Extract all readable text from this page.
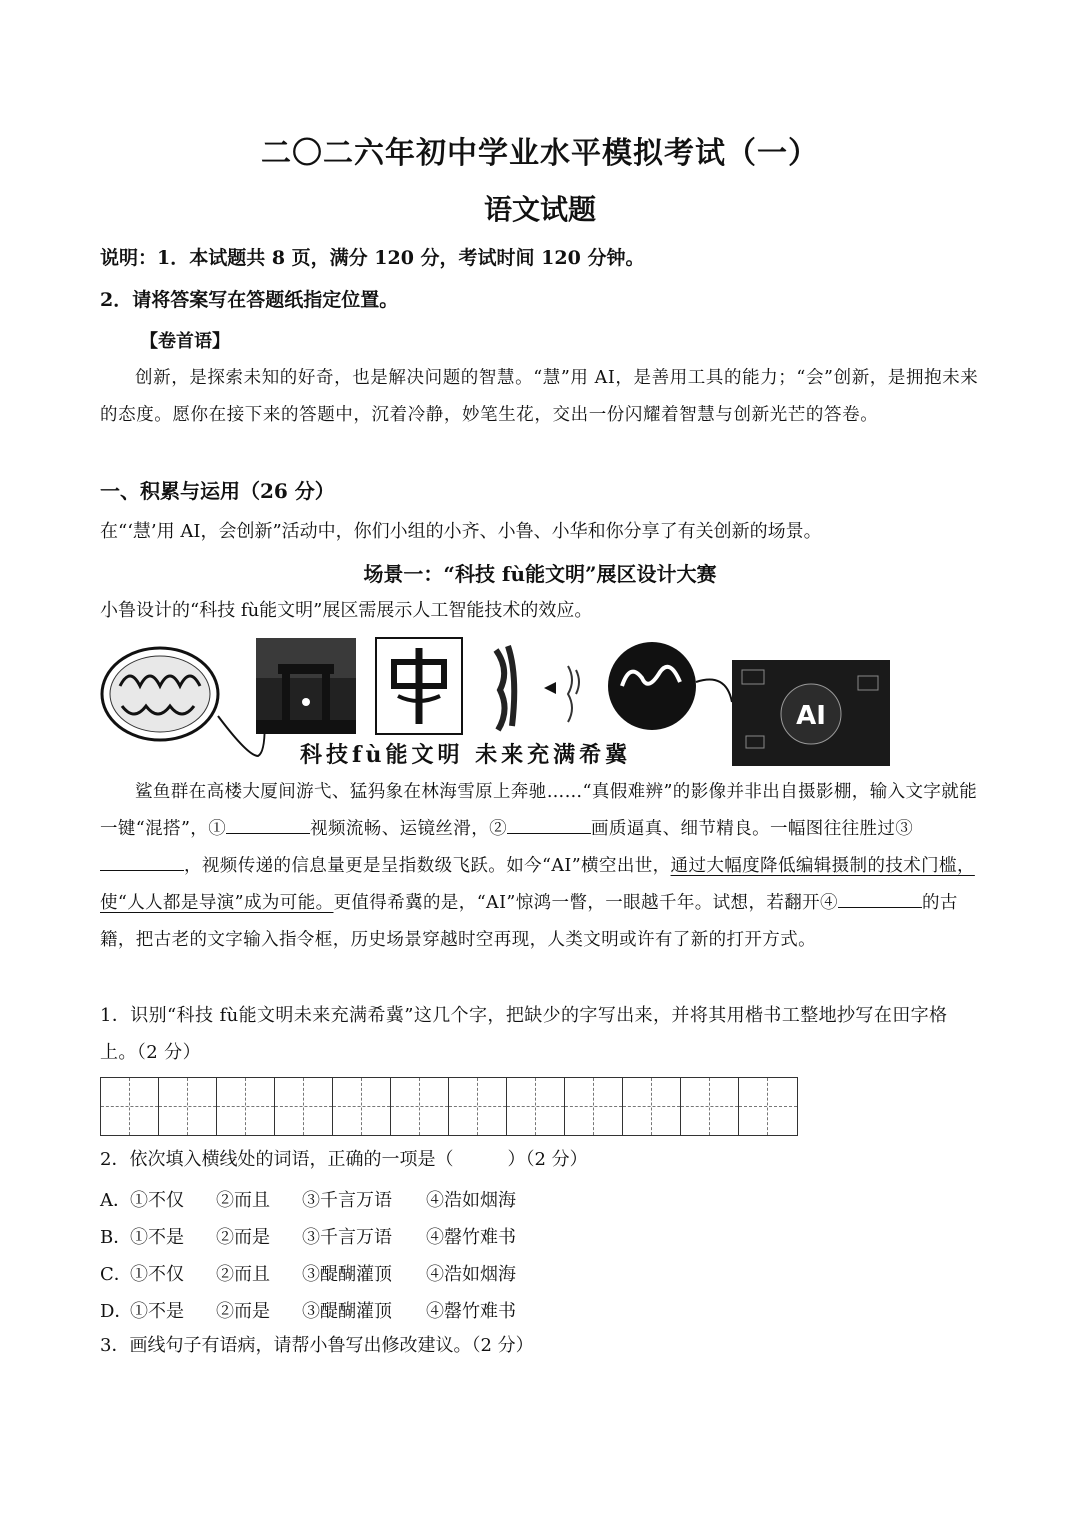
二〇二六年初中学业水平模拟考试（一）
语文试题
说明：1．本试题共 8 页，满分 120 分，考试时间 120 分钟。
2．请将答案写在答题纸指定位置。
【卷首语】
创新，是探索未知的好奇，也是解决问题的智慧。“慧”用 AI，是善用工具的能力；“会”创新，是拥抱未来的态度。愿你在接下来的答题中，沉着冷静，妙笔生花，交出一份闪耀着智慧与创新光芒的答卷。
一、积累与运用（26 分）
在“‘慧’用 AI，会创新”活动中，你们小组的小齐、小鲁、小华和你分享了有关创新的场景。
场景一：“科技 fù能文明”展区设计大赛
小鲁设计的“科技 fù能文明”展区需展示人工智能技术的效应。
AI
科技fù能文明 未来充满希冀
鲨鱼群在高楼大厦间游弋、猛犸象在林海雪原上奔驰……“真假难辨”的影像并非出自摄影棚，输入文字就能一键“混搭”，①	视频流畅、运镜丝滑，②	画质逼真、细节精良。一幅图往往胜过③，视频传递的信息量更是呈指数级飞跃。如今“AI”横空出世，通过大幅度降低编辑摄制的技术门槛，使“人人都是导演”成为可能。更值得希冀的是，“AI”惊鸿一瞥，一眼越千年。试想，若翻开④	的古籍，把古老的文字输入指令框，历史场景穿越时空再现，人类文明或许有了新的打开方式。
1．识别“科技 fù能文明未来充满希冀”这几个字，把缺少的字写出来，并将其用楷书工整地抄写在田字格上。（2 分）
2．依次填入横线处的词语，正确的一项是（　　　）（2 分）
A．①不仅 ②而且 ③千言万语 ④浩如烟海
B．①不是 ②而是 ③千言万语 ④罄竹难书
C．①不仅 ②而且 ③醍醐灌顶 ④浩如烟海
D．①不是 ②而是 ③醍醐灌顶 ④罄竹难书
3．画线句子有语病，请帮小鲁写出修改建议。（2 分）
